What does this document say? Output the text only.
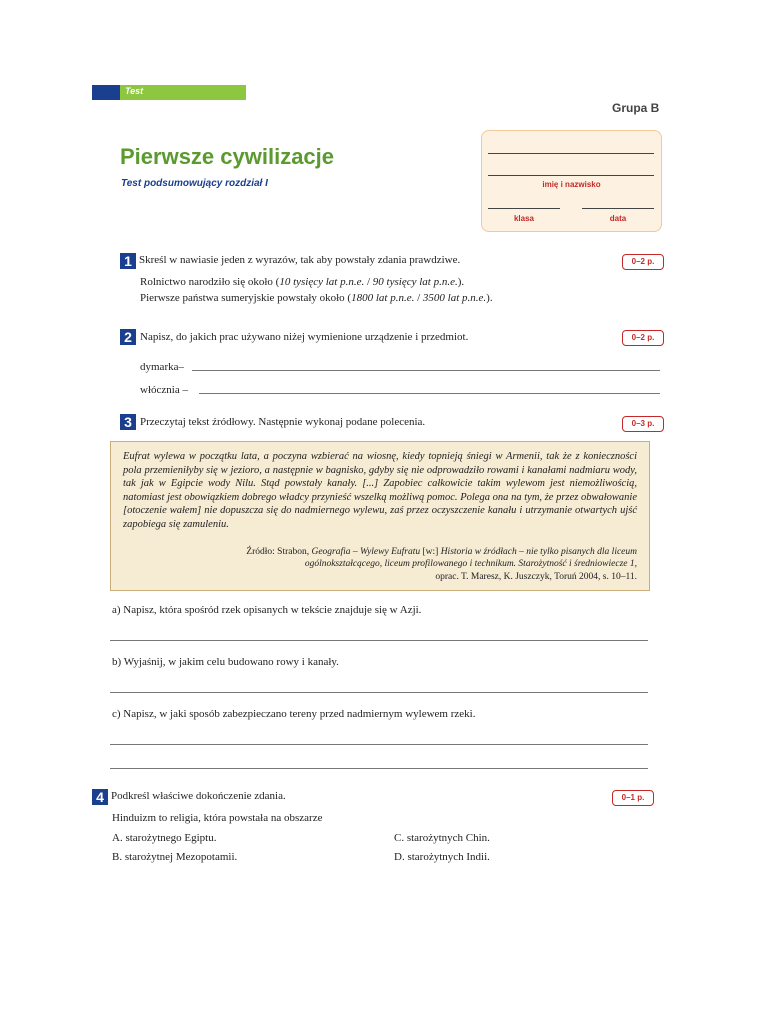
Test
Grupa B
Pierwsze cywilizacje
Test podsumowujący rozdział I	imię i nazwisko
klasa	data
1 Skreśl w nawiasie jeden z wyrazów, tak aby powstały zdania prawdziwe.	0–2 p.
Rolnictwo narodziło się około (10 tysięcy lat p.n.e. / 90 tysięcy lat p.n.e.).
Pierwsze państwa sumeryjskie powstały około (1800 lat p.n.e. / 3500 lat p.n.e.).
2 Napisz, do jakich prac używano niżej wymienione urządzenie i przedmiot.	0–2 p.
dymarka–
włócznia –
3 Przeczytaj tekst źródłowy. Następnie wykonaj podane polecenia.	0–3 p.
Eufrat wylewa w początku lata, a poczyna wzbierać na wiosnę, kiedy topnieją śniegi w Armenii, tak że z konieczności pola przemieniłyby się w jezioro, a następnie w bagnisko, gdyby się nie odprowadziło rowami i kanałami nadmiaru wody, tak jak w Egipcie wody Nilu. Stąd powstały kanały. [...] Zapobiec całkowicie takim wylewom jest niemożliwością, natomiast jest obowiązkiem dobrego władcy przynieść wszelką możliwą pomoc. Polega ona na tym, że przez obwałowanie [otoczenie wałem] nie dopuszcza się do nadmiernego wylewu, zaś przez oczyszczenie kanału i utrzymanie otwartych ujść zapobiega się zamuleniu.
Źródło: Strabon, Geografia – Wylewy Eufratu [w:] Historia w źródłach – nie tylko pisanych dla liceum ogólnokształcącego, liceum profilowanego i technikum. Starożytność i średniowiecze 1,
oprac. T. Maresz, K. Juszczyk, Toruń 2004, s. 10–11.
a) Napisz, która spośród rzek opisanych w tekście znajduje się w Azji.
b) Wyjaśnij, w jakim celu budowano rowy i kanały.
c) Napisz, w jaki sposób zabezpieczano tereny przed nadmiernym wylewem rzeki.
4 Podkreśl właściwe dokończenie zdania.	0–1 p.
Hinduizm to religia, która powstała na obszarze
A. starożytnego Egiptu.
B. starożytnej Mezopotamii.
C. starożytnych Chin.
D. starożytnych Indii.
